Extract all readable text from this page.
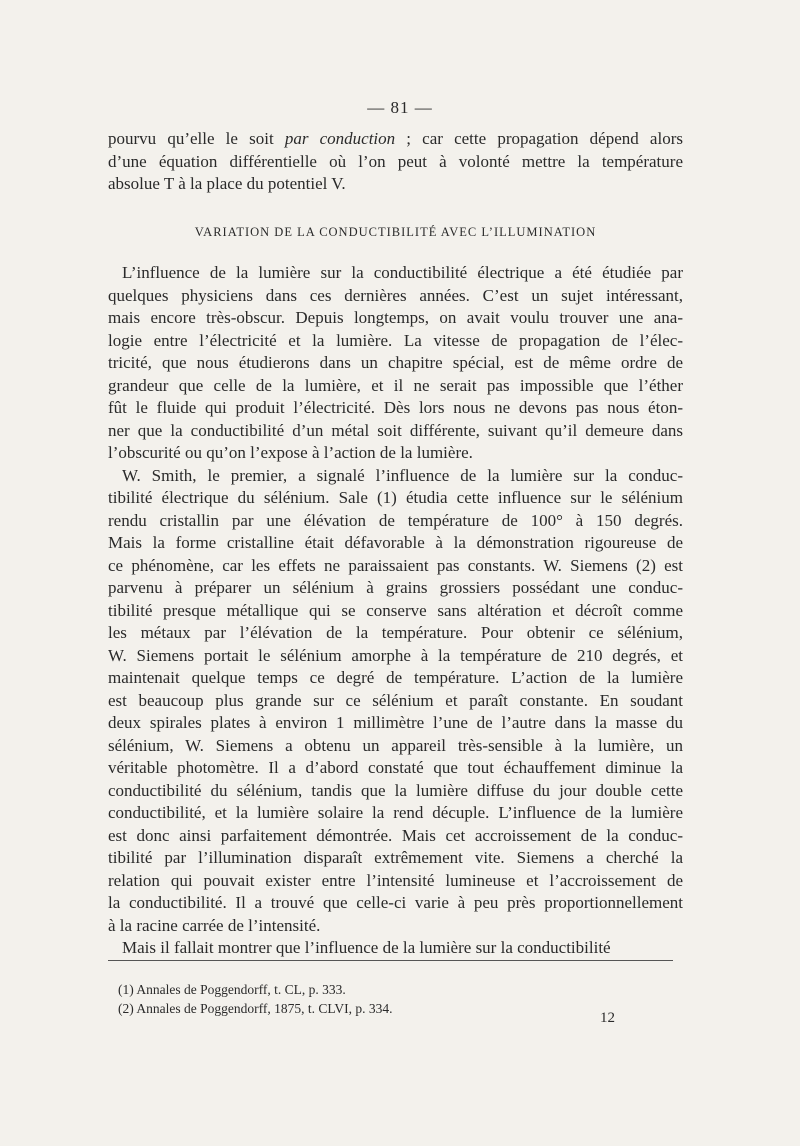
— 81 —
pourvu qu’elle le soit par conduction ; car cette propagation dépend alors
d’une équation différentielle où l’on peut à volonté mettre la température
absolue T à la place du potentiel V.
VARIATION DE LA CONDUCTIBILITÉ AVEC L’ILLUMINATION
L’influence de la lumière sur la conductibilité électrique a été étudiée par
quelques physiciens dans ces dernières années. C’est un sujet intéressant,
mais encore très-obscur. Depuis longtemps, on avait voulu trouver une ana-
logie entre l’électricité et la lumière. La vitesse de propagation de l’élec-
tricité, que nous étudierons dans un chapitre spécial, est de même ordre de
grandeur que celle de la lumière, et il ne serait pas impossible que l’éther
fût le fluide qui produit l’électricité. Dès lors nous ne devons pas nous éton-
ner que la conductibilité d’un métal soit différente, suivant qu’il demeure dans
l’obscurité ou qu’on l’expose à l’action de la lumière.
W. Smith, le premier, a signalé l’influence de la lumière sur la conduc-
tibilité électrique du sélénium. Sale (1) étudia cette influence sur le sélénium
rendu cristallin par une élévation de température de 100° à 150 degrés.
Mais la forme cristalline était défavorable à la démonstration rigoureuse de
ce phénomène, car les effets ne paraissaient pas constants. W. Siemens (2) est
parvenu à préparer un sélénium à grains grossiers possédant une conduc-
tibilité presque métallique qui se conserve sans altération et décroît comme
les métaux par l’élévation de la température. Pour obtenir ce sélénium,
W. Siemens portait le sélénium amorphe à la température de 210 degrés, et
maintenait quelque temps ce degré de température. L’action de la lumière
est beaucoup plus grande sur ce sélénium et paraît constante. En soudant
deux spirales plates à environ 1 millimètre l’une de l’autre dans la masse du
sélénium, W. Siemens a obtenu un appareil très-sensible à la lumière, un
véritable photomètre. Il a d’abord constaté que tout échauffement diminue la
conductibilité du sélénium, tandis que la lumière diffuse du jour double cette
conductibilité, et la lumière solaire la rend décuple. L’influence de la lumière
est donc ainsi parfaitement démontrée. Mais cet accroissement de la conduc-
tibilité par l’illumination disparaît extrêmement vite. Siemens a cherché la
relation qui pouvait exister entre l’intensité lumineuse et l’accroissement de
la conductibilité. Il a trouvé que celle-ci varie à peu près proportionnellement
à la racine carrée de l’intensité.
Mais il fallait montrer que l’influence de la lumière sur la conductibilité
(1) Annales de Poggendorff, t. CL, p. 333.
(2) Annales de Poggendorff, 1875, t. CLVI, p. 334.
12
